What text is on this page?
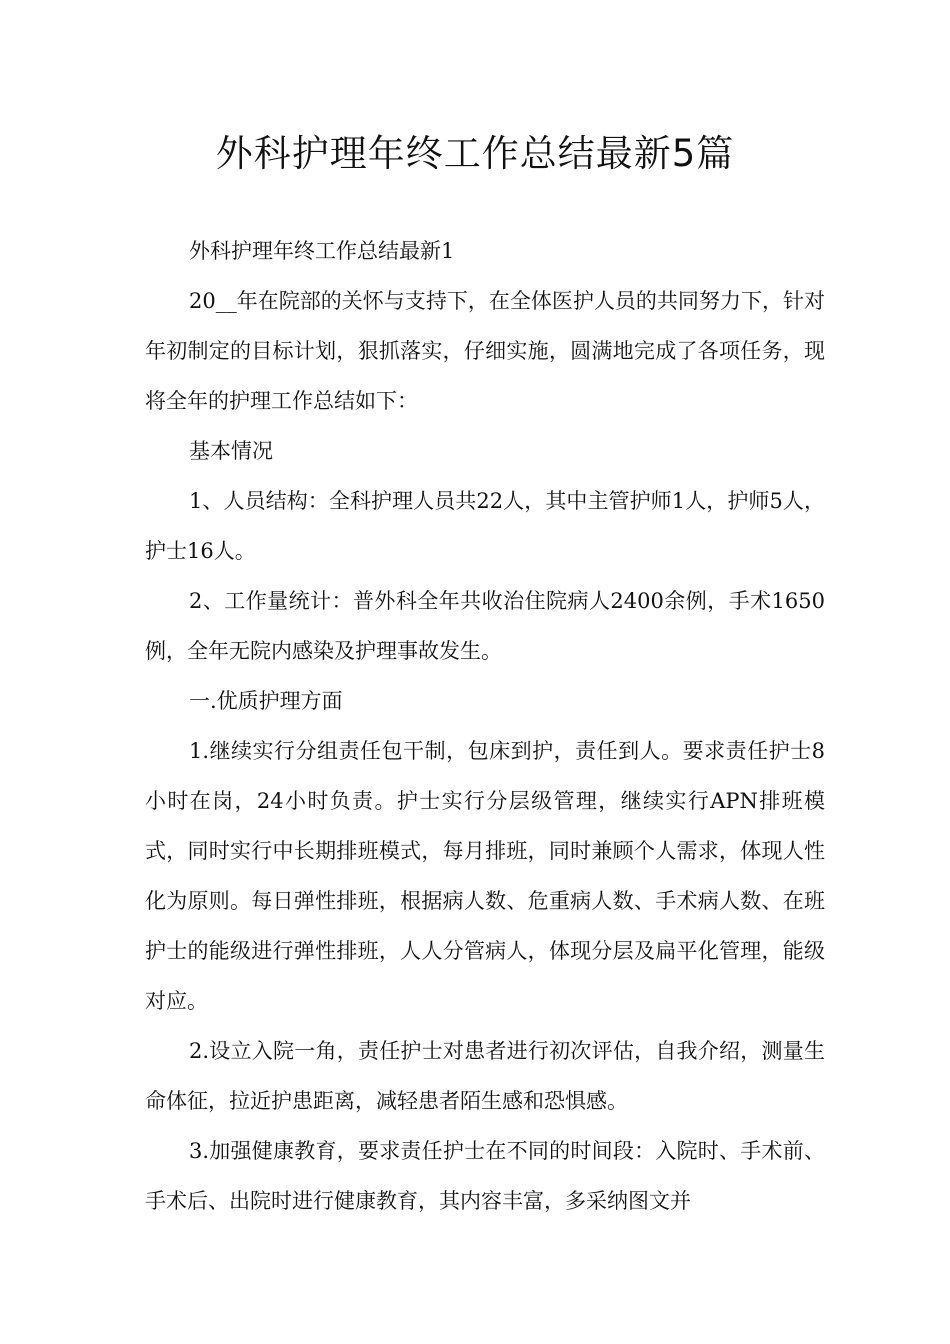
外科护理年终工作总结最新5篇

外科护理年终工作总结最新1

20__年在院部的关怀与支持下，在全体医护人员的共同努力下，针对年初制定的目标计划，狠抓落实，仔细实施，圆满地完成了各项任务，现将全年的护理工作总结如下：

基本情况

1、人员结构：全科护理人员共22人，其中主管护师1人，护师5人，护士16人。

2、工作量统计：普外科全年共收治住院病人2400余例，手术1650例，全年无院内感染及护理事故发生。

一.优质护理方面

1.继续实行分组责任包干制，包床到护，责任到人。要求责任护士8小时在岗，24小时负责。护士实行分层级管理，继续实行APN排班模式，同时实行中长期排班模式，每月排班，同时兼顾个人需求，体现人性化为原则。每日弹性排班，根据病人数、危重病人数、手术病人数、在班护士的能级进行弹性排班，人人分管病人，体现分层及扁平化管理，能级对应。

2.设立入院一角，责任护士对患者进行初次评估，自我介绍，测量生命体征，拉近护患距离，减轻患者陌生感和恐惧感。

3.加强健康教育，要求责任护士在不同的时间段：入院时、手术前、手术后、出院时进行健康教育，其内容丰富，多采纳图文并
